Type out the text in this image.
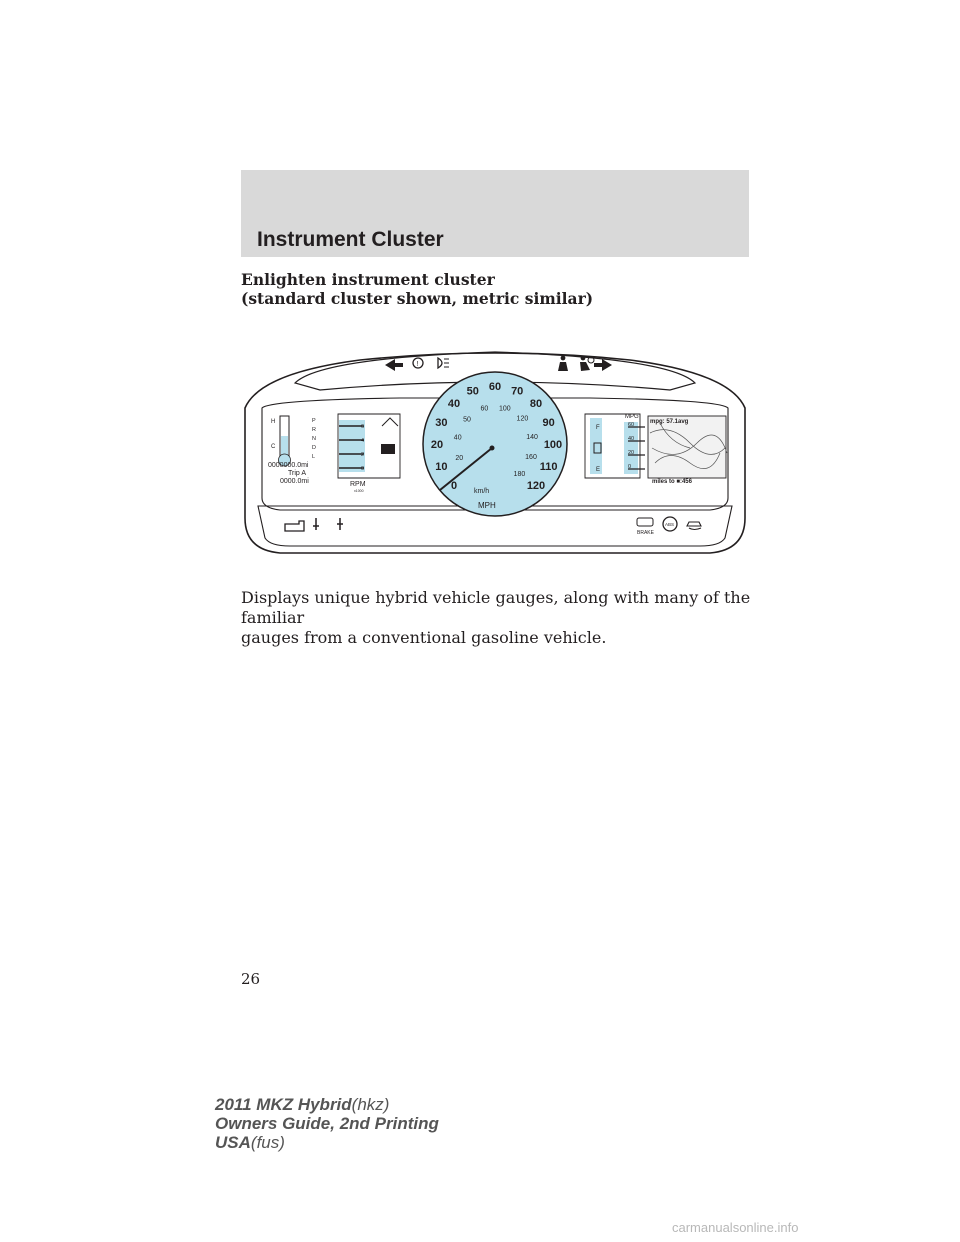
Instrument Cluster
Enlighten instrument cluster
(standard cluster shown, metric similar)
!
H
C
P
R
N
D
L
0000000.0mi
Trip A
0000.0mi
6
4
2
0
RPM
x1000	0
10
20
30
40
50 60 70
80
90
100
110
120
20
40
50
60 100
120
140
160
180
MPH
km/h
F
E
MPG
60
40
20
0
mpg: 57.1avg
miles to ■:456
BRAKE
ABS
Displays unique hybrid vehicle gauges, along with many of the familiar
gauges from a conventional gasoline vehicle.
26
2011 MKZ Hybrid(hkz)
Owners Guide, 2nd Printing
USA(fus)
carmanualsonline.info
